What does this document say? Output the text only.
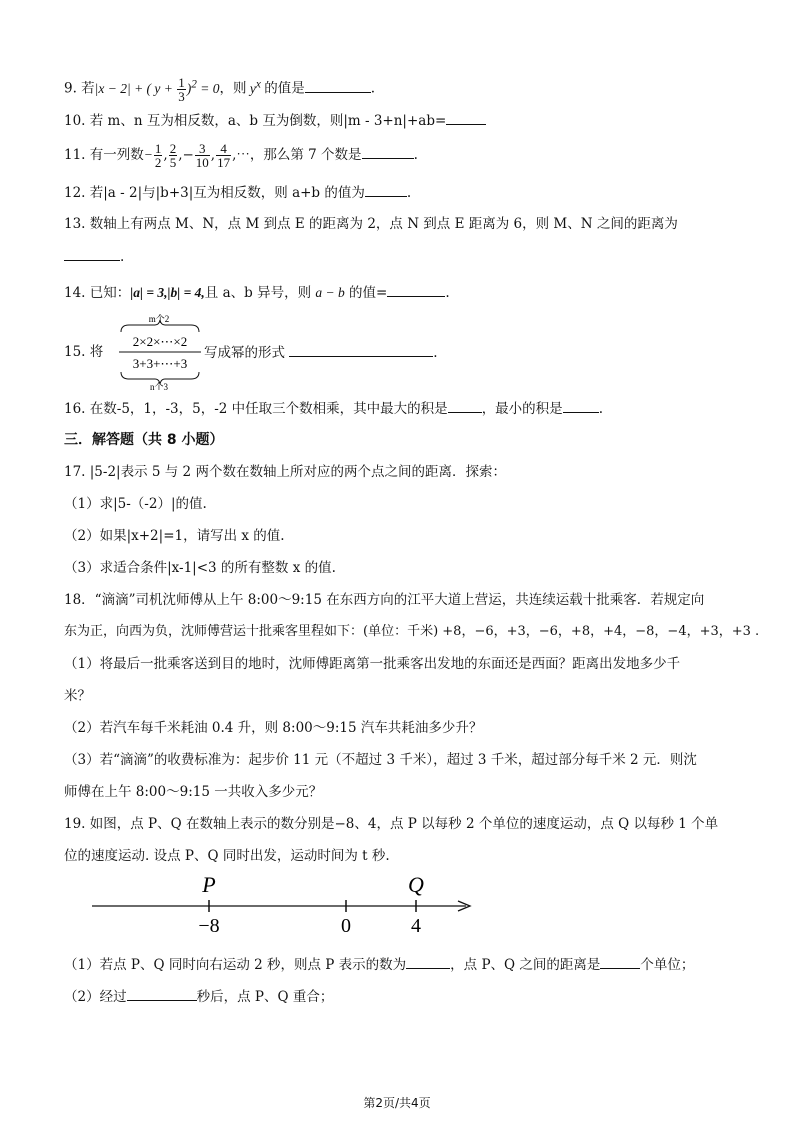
9. 若|x − 2| + ( $y + \frac{1}{3} )^2 = 0$，则 $y^x$ 的值是	.
10. 若 m、n 互为相反数，a、b 互为倒数，则|m - 3+n|+ab=
11. 有一列数− $\frac{1}{2}$ , $\frac{2}{5}$ ,− $\frac{3}{10}$ , $\frac{4}{17}$ ,⋯，那么第 7 个数是	.
12. 若|a - 2|与|b+3|互为相反数，则 a+b 的值为	.
13. 数轴上有两点 M、N，点 M 到点 E 的距离为 2，点 N 到点 E 距离为 6，则 M、N 之间的距离为
.
14. 已知：|a| = 3,|b| = 4,且 a、b 异号，则 a − b 的值=	.
15. 将
m个2
2×2×⋯×2
3+3+⋯+3
n个3
写成幂的形式	.
16. 在数-5，1，-3，5，-2 中任取三个数相乘，其中最大的积是	，最小的积是	.
三．解答题（共 8 小题）
17. |5-2|表示 5 与 2 两个数在数轴上所对应的两个点之间的距离．探索：
（1）求|5-（-2）|的值.
（2）如果|x+2|=1，请写出 x 的值.
（3）求适合条件|x-1|<3 的所有整数 x 的值.
18．“滴滴”司机沈师傅从上午 8:00～9:15 在东西方向的江平大道上营运，共连续运载十批乘客．若规定向
东为正，向西为负，沈师傅营运十批乘客里程如下：(单位：千米) +8，−6，+3，−6，+8，+4，−8，−4，+3，+3 .
（1）将最后一批乘客送到目的地时，沈师傅距离第一批乘客出发地的东面还是西面？距离出发地多少千
米？
（2）若汽车每千米耗油 0.4 升，则 8:00～9:15 汽车共耗油多少升？
（3）若“滴滴”的收费标准为：起步价 11 元（不超过 3 千米），超过 3 千米，超过部分每千米 2 元．则沈
师傅在上午 8:00～9:15 一共收入多少元？
19. 如图，点 P、Q 在数轴上表示的数分别是−8、4，点 P 以每秒 2 个单位的速度运动，点 Q 以每秒 1 个单
位的速度运动. 设点 P、Q 同时出发，运动时间为 t 秒.
P	Q
−8	0	4
（1）若点 P、Q 同时向右运动 2 秒，则点 P 表示的数为	，点 P、Q 之间的距离是	个单位；
（2）经过	秒后，点 P、Q 重合；
第2页/共4页
